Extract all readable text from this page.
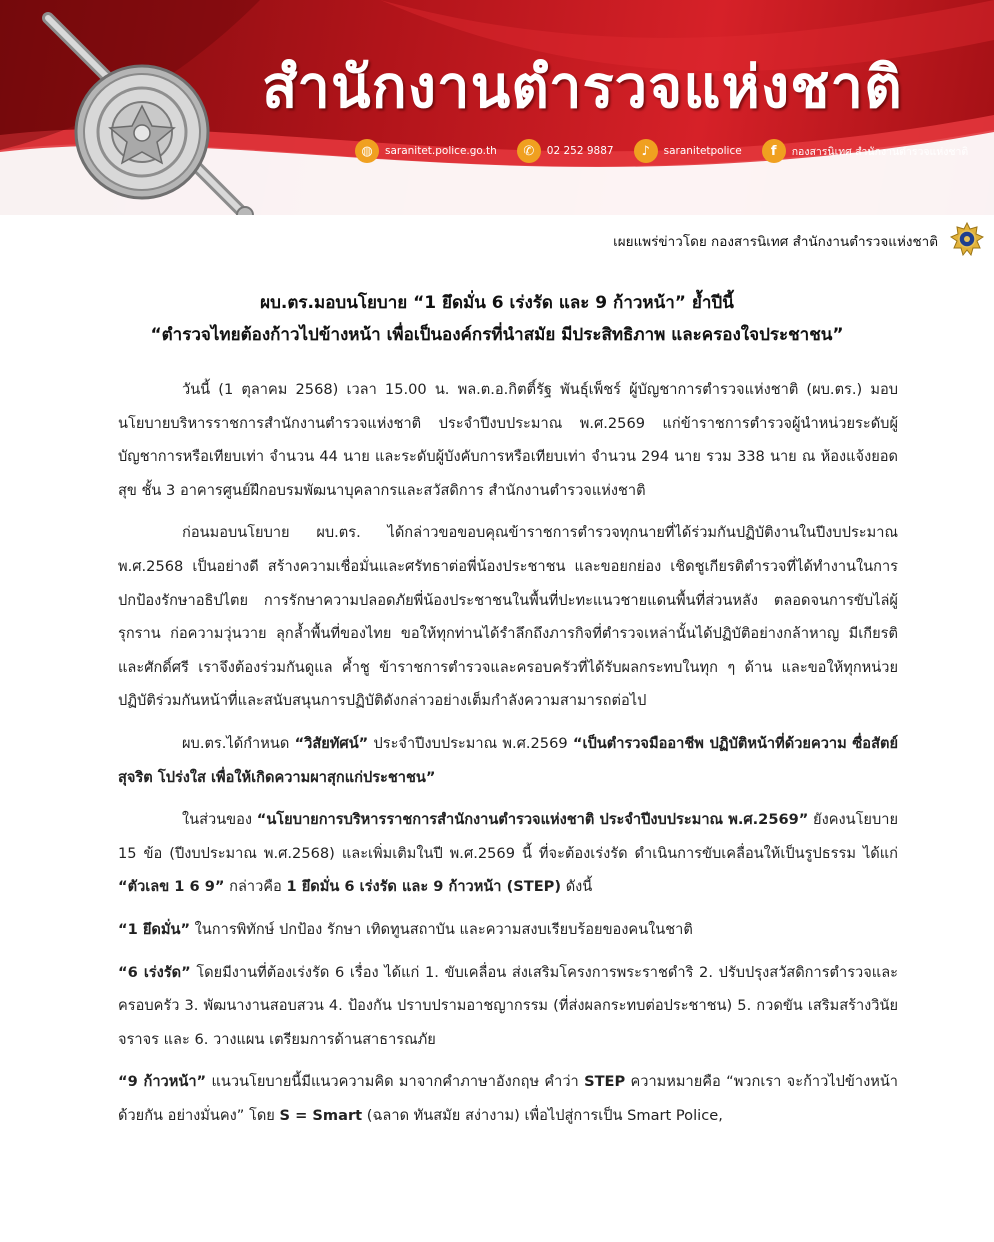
สำนักงานตำรวจแห่งชาติ
◍	saranitet.police.go.th	✆	02 252 9887	♪	saranitetpolice	f	กองสารนิเทศ สำนักงานตำรวจแห่งชาติ
เผยแพร่ข่าวโดย กองสารนิเทศ สำนักงานตำรวจแห่งชาติ
ผบ.ตร.มอบนโยบาย “1 ยึดมั่น 6 เร่งรัด และ 9 ก้าวหน้า” ย้ำปีนี้
“ตำรวจไทยต้องก้าวไปข้างหน้า เพื่อเป็นองค์กรที่นำสมัย มีประสิทธิภาพ และครองใจประชาชน”

วันนี้ (1 ตุลาคม 2568) เวลา 15.00 น. พล.ต.อ.กิตติ์รัฐ พันธุ์เพ็ชร์ ผู้บัญชาการตำรวจแห่งชาติ (ผบ.ตร.) มอบนโยบายบริหารราชการสำนักงานตำรวจแห่งชาติ ประจำปีงบประมาณ พ.ศ.2569 แก่ข้าราชการตำรวจผู้นำหน่วยระดับผู้บัญชาการหรือเทียบเท่า จำนวน 44 นาย และระดับผู้บังคับการหรือเทียบเท่า จำนวน 294 นาย รวม 338 นาย ณ ห้องแจ้งยอดสุข ชั้น 3 อาคารศูนย์ฝึกอบรมพัฒนาบุคลากรและสวัสดิการ สำนักงานตำรวจแห่งชาติ

ก่อนมอบนโยบาย ผบ.ตร. ได้กล่าวขอขอบคุณข้าราชการตำรวจทุกนายที่ได้ร่วมกันปฏิบัติงานในปีงบประมาณ พ.ศ.2568 เป็นอย่างดี สร้างความเชื่อมั่นและศรัทธาต่อพี่น้องประชาชน และขอยกย่อง เชิดชูเกียรติตำรวจที่ได้ทำงานในการปกป้องรักษาอธิปไตย การรักษาความปลอดภัยพี่น้องประชาชนในพื้นที่ปะทะแนวชายแดนพื้นที่ส่วนหลัง ตลอดจนการขับไล่ผู้รุกราน ก่อความวุ่นวาย ลุกล้ำพื้นที่ของไทย ขอให้ทุกท่านได้รำลึกถึงภารกิจที่ตำรวจเหล่านั้นได้ปฏิบัติอย่างกล้าหาญ มีเกียรติและศักดิ์ศรี เราจึงต้องร่วมกันดูแล ค้ำชู ข้าราชการตำรวจและครอบครัวที่ได้รับผลกระทบในทุก ๆ ด้าน และขอให้ทุกหน่วยปฏิบัติร่วมกันหน้าที่และสนับสนุนการปฏิบัติดังกล่าวอย่างเต็มกำลังความสามารถต่อไป

ผบ.ตร.ได้กำหนด “วิสัยทัศน์” ประจำปีงบประมาณ พ.ศ.2569 “เป็นตำรวจมืออาชีพ ปฏิบัติหน้าที่ด้วยความ ซื่อสัตย์ สุจริต โปร่งใส เพื่อให้เกิดความผาสุกแก่ประชาชน”

ในส่วนของ “นโยบายการบริหารราชการสำนักงานตำรวจแห่งชาติ ประจำปีงบประมาณ พ.ศ.2569” ยังคงนโยบาย 15 ข้อ (ปีงบประมาณ พ.ศ.2568) และเพิ่มเติมในปี พ.ศ.2569 นี้ ที่จะต้องเร่งรัด ดำเนินการขับเคลื่อนให้เป็นรูปธรรม ได้แก่ “ตัวเลข 1 6 9” กล่าวคือ 1 ยึดมั่น 6 เร่งรัด และ 9 ก้าวหน้า (STEP) ดังนี้

“1 ยึดมั่น” ในการพิทักษ์ ปกป้อง รักษา เทิดทูนสถาบัน และความสงบเรียบร้อยของคนในชาติ

“6 เร่งรัด” โดยมีงานที่ต้องเร่งรัด 6 เรื่อง ได้แก่ 1. ขับเคลื่อน ส่งเสริมโครงการพระราชดำริ 2. ปรับปรุงสวัสดิการตำรวจและครอบครัว 3. พัฒนางานสอบสวน 4. ป้องกัน ปราบปรามอาชญากรรม (ที่ส่งผลกระทบต่อประชาชน) 5. กวดขัน เสริมสร้างวินัยจราจร และ 6. วางแผน เตรียมการด้านสาธารณภัย

“9 ก้าวหน้า” แนวนโยบายนี้มีแนวความคิด มาจากคำภาษาอังกฤษ คำว่า STEP ความหมายคือ “พวกเรา จะก้าวไปข้างหน้า ด้วยกัน อย่างมั่นคง” โดย S = Smart (ฉลาด ทันสมัย สง่างาม) เพื่อไปสู่การเป็น Smart Police,
